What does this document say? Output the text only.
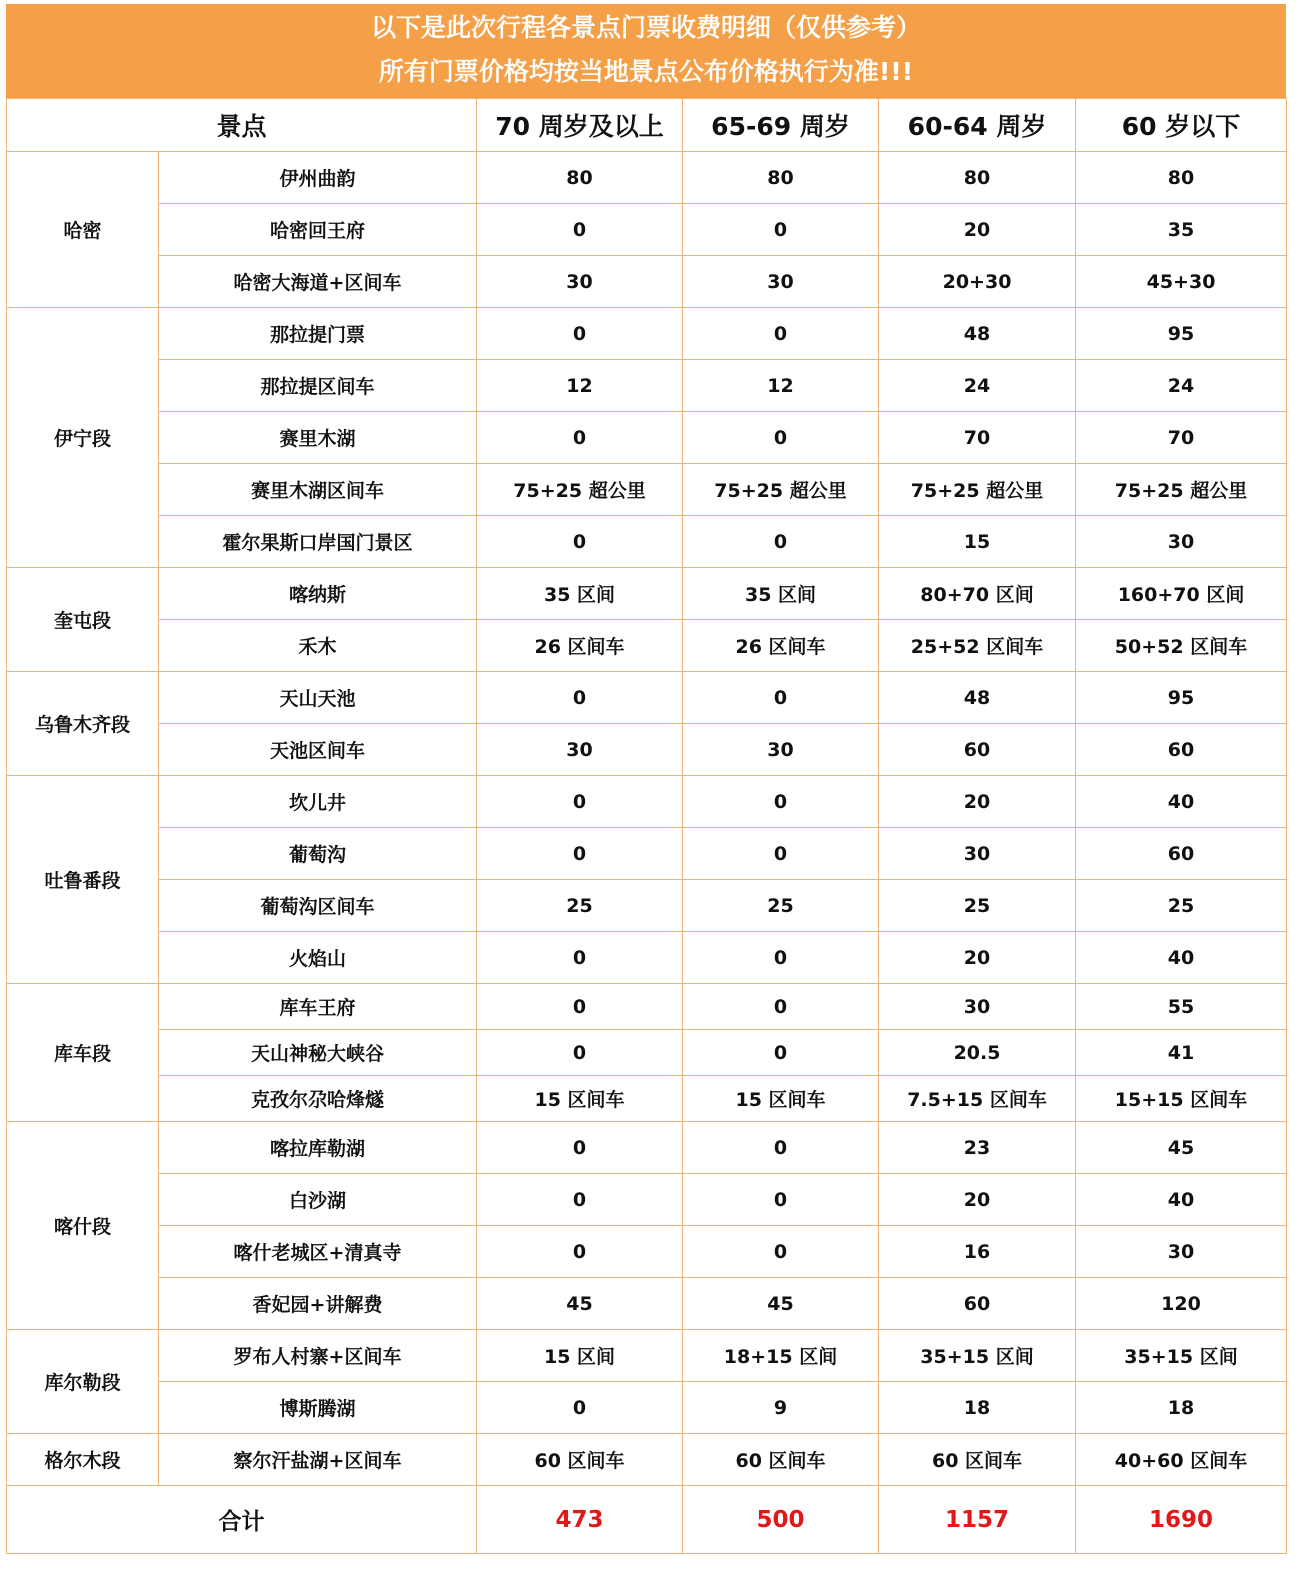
以下是此次行程各景点门票收费明细（仅供参考）
所有门票价格均按当地景点公布价格执行为准!!!
景点		70 周岁及以上	65-69 周岁	60-64 周岁	60 岁以下
哈密	伊州曲韵	80	80	80	80
	哈密回王府	0	0	20	35
	哈密大海道+区间车	30	30	20+30	45+30
伊宁段	那拉提门票	0	0	48	95
	那拉提区间车	12	12	24	24
	赛里木湖	0	0	70	70
	赛里木湖区间车	75+25 超公里	75+25 超公里	75+25 超公里	75+25 超公里
	霍尔果斯口岸国门景区	0	0	15	30
奎屯段	喀纳斯	35 区间	35 区间	80+70 区间	160+70 区间
	禾木	26 区间车	26 区间车	25+52 区间车	50+52 区间车
乌鲁木齐段	天山天池	0	0	48	95
	天池区间车	30	30	60	60
吐鲁番段	坎儿井	0	0	20	40
	葡萄沟	0	0	30	60
	葡萄沟区间车	25	25	25	25
	火焰山	0	0	20	40
库车段	库车王府	0	0	30	55
	天山神秘大峡谷	0	0	20.5	41
	克孜尔尕哈烽燧	15 区间车	15 区间车	7.5+15 区间车	15+15 区间车
喀什段	喀拉库勒湖	0	0	23	45
	白沙湖	0	0	20	40
	喀什老城区+清真寺	0	0	16	30
	香妃园+讲解费	45	45	60	120
库尔勒段	罗布人村寨+区间车	15 区间	18+15 区间	35+15 区间	35+15 区间
	博斯腾湖	0	9	18	18
格尔木段	察尔汗盐湖+区间车	60 区间车	60 区间车	60 区间车	40+60 区间车
合计		473	500	1157	1690
